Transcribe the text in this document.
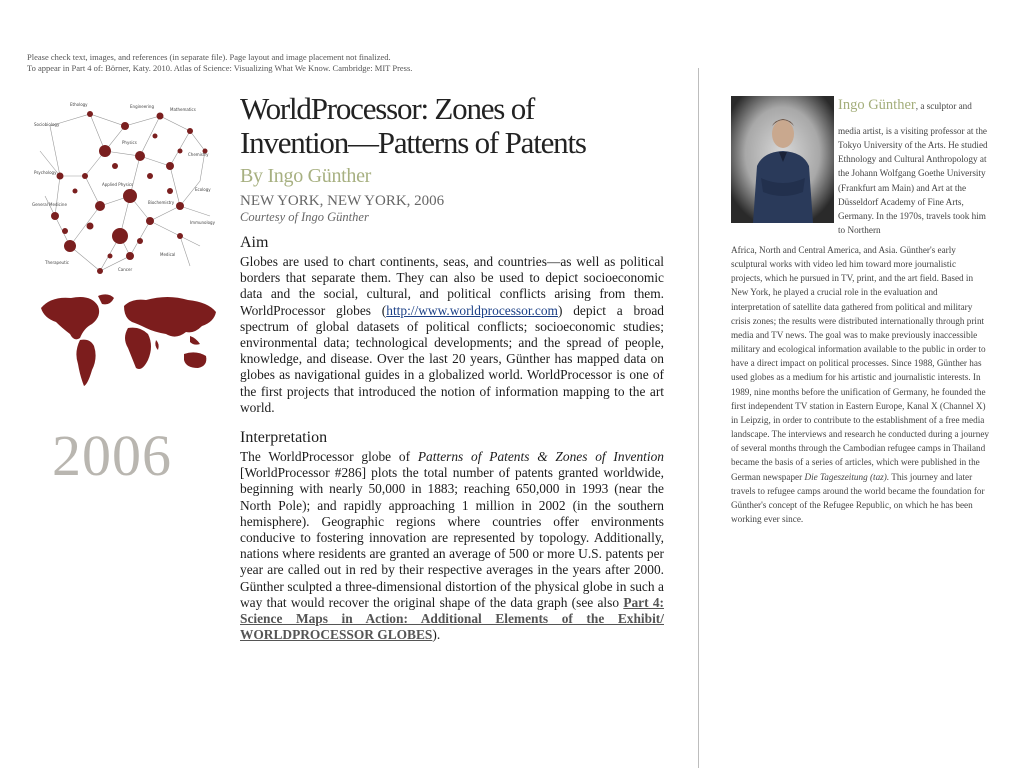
Please check text, images, and references (in separate file). Page layout and image placement not finalized.
To appear in Part 4 of: Börner, Katy. 2010. Atlas of Science: Visualizing What We Know. Cambridge: MIT Press.
Sociobiology
Ethology
Physics
Chemistry
Psychology
Applied Physics
General Medicine	Biochemistry
Therapeutic
Cancer
Immunology
Ecology
Engineering
Medical
Mathematics
2006
WorldProcessor: Zones of
Invention—Patterns of Patents
By Ingo Günther
NEW YORK, NEW YORK, 2006
Courtesy of Ingo Günther
Aim
Globes are used to chart continents, seas, and countries—as well as political borders that separate them. They can also be used to depict socioeconomic data and the social, cultural, and political conflicts arising from them. WorldProcessor globes (http://www.worldprocessor.com) depict a broad spectrum of global datasets of political conflicts; socioeconomic studies; environmental data; technological developments; and the spread of people, knowledge, and disease. Over the last 20 years, Günther has mapped data on globes as navigational guides in a globalized world. WorldProcessor is one of the first projects that introduced the notion of information mapping to the art world.
Interpretation
The WorldProcessor globe of Patterns of Patents & Zones of Invention [WorldProcessor #286] plots the total number of patents granted worldwide, beginning with nearly 50,000 in 1883; reaching 650,000 in 1993 (near the North Pole); and rapidly approaching 1 million in 2002 (in the southern hemisphere). Geographic regions where countries offer environments conducive to fostering innovation are represented by topology. Additionally, nations where residents are granted an average of 500 or more U.S. patents per year are called out in red by their respective averages in the years after 2000. Günther sculpted a three-dimensional distortion of the physical globe in such a way that would recover the original shape of the data graph (see also Part 4: Science Maps in Action: Additional Elements of the Exhibit/ WORLDPROCESSOR GLOBES).
Ingo Günther, a sculptor and
media artist, is a visiting professor at the Tokyo University of the Arts. He studied Ethnology and Cultural Anthropology at the Johann Wolfgang Goethe University (Frankfurt am Main) and Art at the Düsseldorf Academy of Fine Arts, Germany. In the 1970s, travels took him to Northern
Africa, North and Central America, and Asia. Günther's early sculptural works with video led him toward more journalistic projects, which he pursued in TV, print, and the art field. Based in New York, he played a crucial role in the evaluation and interpretation of satellite data gathered from political and military crisis zones; the results were distributed internationally through print media and TV news. The goal was to make previously inaccessible military and ecological information available to the public in order to have a direct impact on political processes. Since 1988, Günther has used globes as a medium for his artistic and journalistic interests. In 1989, nine months before the unification of Germany, he founded the first independent TV station in Eastern Europe, Kanal X (Channel X) in Leipzig, in order to contribute to the establishment of a free media landscape. The interviews and research he conducted during a journey of several months through the Cambodian refugee camps in Thailand became the basis of a series of articles, which were published in the German newspaper Die Tageszeitung (taz). This journey and later travels to refugee camps around the world became the foundation for Günther's concept of the Refugee Republic, on which he has been working ever since.
